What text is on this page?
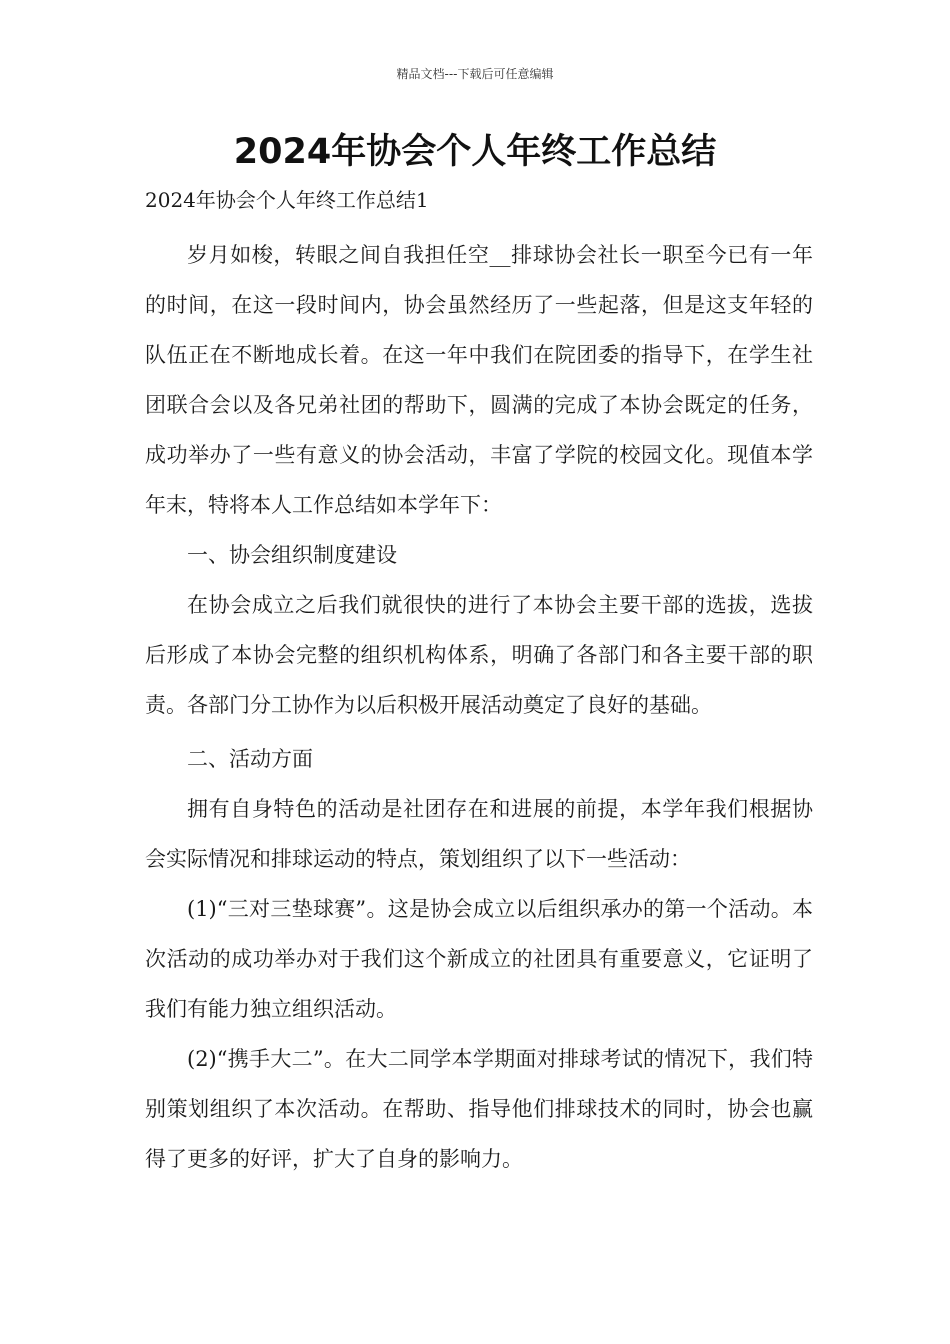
精品文档---下载后可任意编辑
2024年协会个人年终工作总结

2024年协会个人年终工作总结1

岁月如梭，转眼之间自我担任空__排球协会社长一职至今已有一年的时间，在这一段时间内，协会虽然经历了一些起落，但是这支年轻的队伍正在不断地成长着。在这一年中我们在院团委的指导下，在学生社团联合会以及各兄弟社团的帮助下，圆满的完成了本协会既定的任务，成功举办了一些有意义的协会活动，丰富了学院的校园文化。现值本学年末，特将本人工作总结如本学年下：

一、协会组织制度建设

在协会成立之后我们就很快的进行了本协会主要干部的选拔，选拔后形成了本协会完整的组织机构体系，明确了各部门和各主要干部的职责。各部门分工协作为以后积极开展活动奠定了良好的基础。

二、活动方面

拥有自身特色的活动是社团存在和进展的前提，本学年我们根据协会实际情况和排球运动的特点，策划组织了以下一些活动：

(1)“三对三垫球赛”。这是协会成立以后组织承办的第一个活动。本次活动的成功举办对于我们这个新成立的社团具有重要意义，它证明了我们有能力独立组织活动。

(2)“携手大二”。在大二同学本学期面对排球考试的情况下，我们特别策划组织了本次活动。在帮助、指导他们排球技术的同时，协会也赢得了更多的好评，扩大了自身的影响力。
